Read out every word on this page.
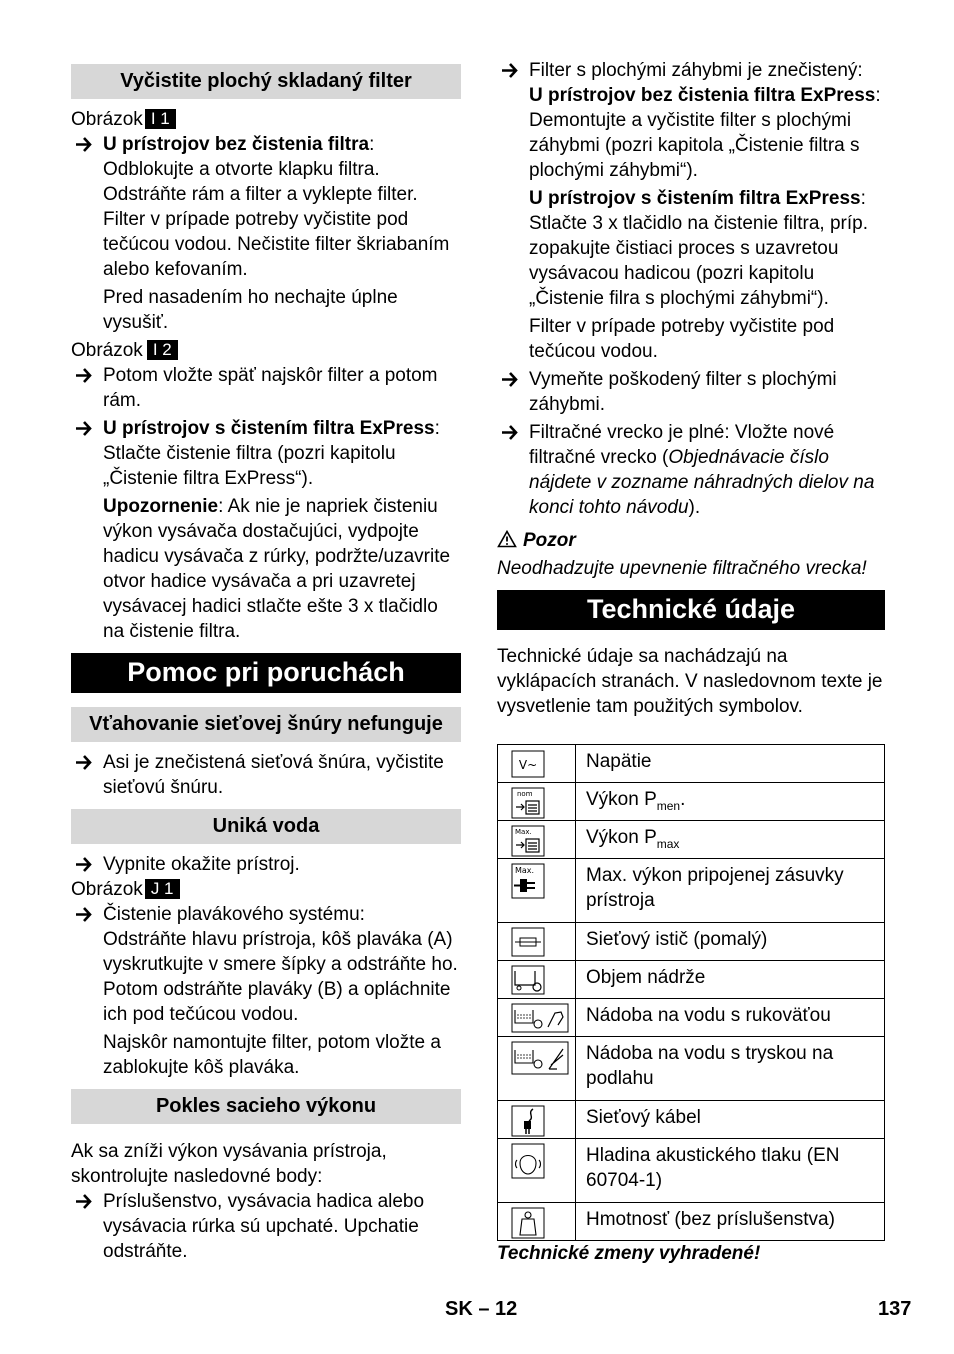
Vyčistite plochý skladaný filter

Obrázok I 1

U prístrojov bez čistenia filtra:

Odblokujte a otvorte klapku filtra. Odstráňte rám a filter a vyklepte filter. Filter v prípade potreby vyčistite pod tečúcou vodou. Nečistite filter škriabaním alebo kefovaním.

Pred nasadením ho nechajte úplne vysušiť.

Obrázok I 2

Potom vložte späť najskôr filter a potom rám.
U prístrojov s čistením filtra ExPress: Stlačte čistenie filtra (pozri kapitolu „Čistenie filtra ExPress“).

Upozornenie: Ak nie je napriek čisteniu výkon vysávača dostačujúci, vydpojte hadicu vysávača z rúrky, podržte/uzavrite otvor hadice vysávača a pri uzavretej vysávacej hadici stlačte ešte 3 x tlačidlo na čistenie filtra.

Pomoc pri poruchách
Vťahovanie sieťovej šnúry nefunguje
Asi je znečistená sieťová šnúra, vyčistite sieťovú šnúru.
Uniká voda
Vypnite okažite prístroj.

Obrázok J 1

Čistenie plavákového systému:

Odstráňte hlavu prístroja, kôš plaváka (A) vyskrutkujte v smere šípky a odstráňte ho. Potom odstráňte plaváky (B) a opláchnite ich pod tečúcou vodou.

Najskôr namontujte filter, potom vložte a zablokujte kôš plaváka.

Pokles sacieho výkonu

Ak sa zníži výkon vysávania prístroja, skontrolujte nasledovné body:

Príslušenstvo, vysávacia hadica alebo vysávacia rúrka sú upchaté. Upchatie odstráňte.
Filter s plochými záhybmi je znečistený:

U prístrojov bez čistenia filtra ExPress: Demontujte a vyčistite filter s plochými záhybmi (pozri kapitola „Čistenie filtra s plochými záhybmi“).

U prístrojov s čistením filtra ExPress: Stlačte 3 x tlačidlo na čistenie filtra, príp. zopakujte čistiaci proces s uzavretou vysávacou hadicou (pozri kapitolu „Čistenie filra s plochými záhybmi“).

Filter v prípade potreby vyčistite pod tečúcou vodou.

Vymeňte poškodený filter s plochými záhybmi.
Filtračné vrecko je plné: Vložte nové filtračné vrecko (Objednávacie číslo nájdete v zozname náhradných dielov na konci tohto návodu).

Pozor

Neodhadzujte upevnenie filtračného vrecka!

Technické údaje

Technické údaje sa nachádzajú na vyklápacích stranách. V nasledovnom texte je vysvetlenie tam použitých symbolov.

V~	Napätie

nom	Výkon $P_{men}$.

Max.	Výkon $P_{max}$

Max.	Max. výkon pripojenej zásuvky prístroja

	Sieťový istič (pomalý)

	Objem nádrže

	Nádoba na vodu s rukoväťou

	Nádoba na vodu s tryskou na podlahu

	Sieťový kábel

	Hladina akustického tlaku (EN 60704-1)

	Hmotnosť (bez príslušenstva)

Technické zmeny vyhradené!

SK – 12	137
